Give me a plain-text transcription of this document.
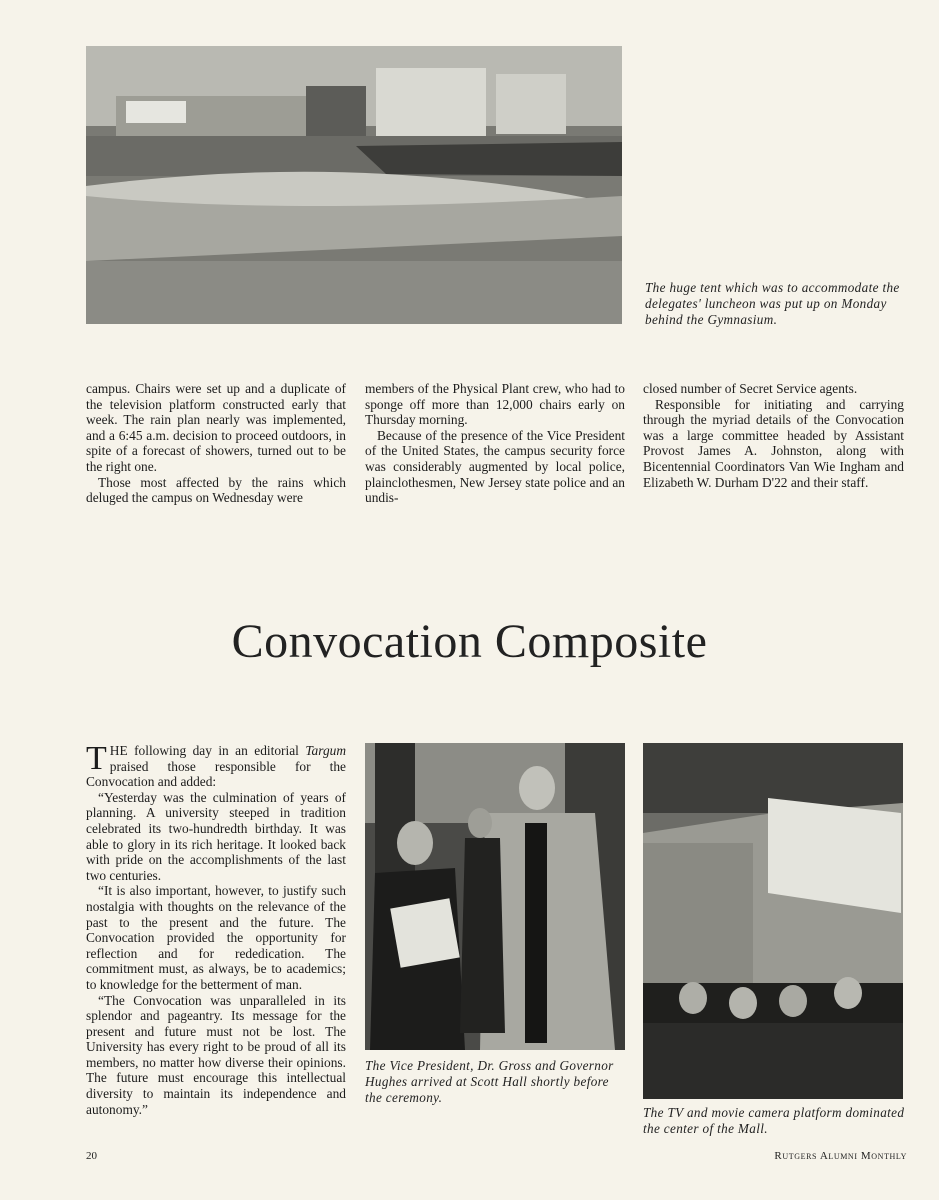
The huge tent which was to accommodate the delegates' luncheon was put up on Monday behind the Gymnasium.

campus. Chairs were set up and a duplicate of the television platform constructed early that week. The rain plan nearly was implemented, and a 6:45 a.m. decision to proceed outdoors, in spite of a forecast of showers, turned out to be the right one.

Those most affected by the rains which deluged the campus on Wednesday were

members of the Physical Plant crew, who had to sponge off more than 12,000 chairs early on Thursday morning.

Because of the presence of the Vice President of the United States, the campus security force was considerably augmented by local police, plainclothesmen, New Jersey state police and an undis-

closed number of Secret Service agents.

Responsible for initiating and carrying through the myriad details of the Convocation was a large committee headed by Assistant Provost James A. Johnston, along with Bicentennial Coordinators Van Wie Ingham and Elizabeth W. Durham D'22 and their staff.

Convocation Composite

THE following day in an editorial Targum praised those responsible for the Convocation and added:

“Yesterday was the culmination of years of planning. A university steeped in tradition celebrated its two-hundredth birthday. It was able to glory in its rich heritage. It looked back with pride on the accomplishments of the last two centuries.

“It is also important, however, to justify such nostalgia with thoughts on the relevance of the past to the present and the future. The Convocation provided the opportunity for reflection and for rededication. The commitment must, as always, be to academics; to knowledge for the betterment of man.

“The Convocation was unparalleled in its splendor and pageantry. Its message for the present and future must not be lost. The University has every right to be proud of all its members, no matter how diverse their opinions. The future must encourage this intellectual diversity to maintain its independence and autonomy.”

The Vice President, Dr. Gross and Governor Hughes arrived at Scott Hall shortly before the ceremony.
The TV and movie camera platform dominated the center of the Mall.
20	Rutgers Alumni Monthly
